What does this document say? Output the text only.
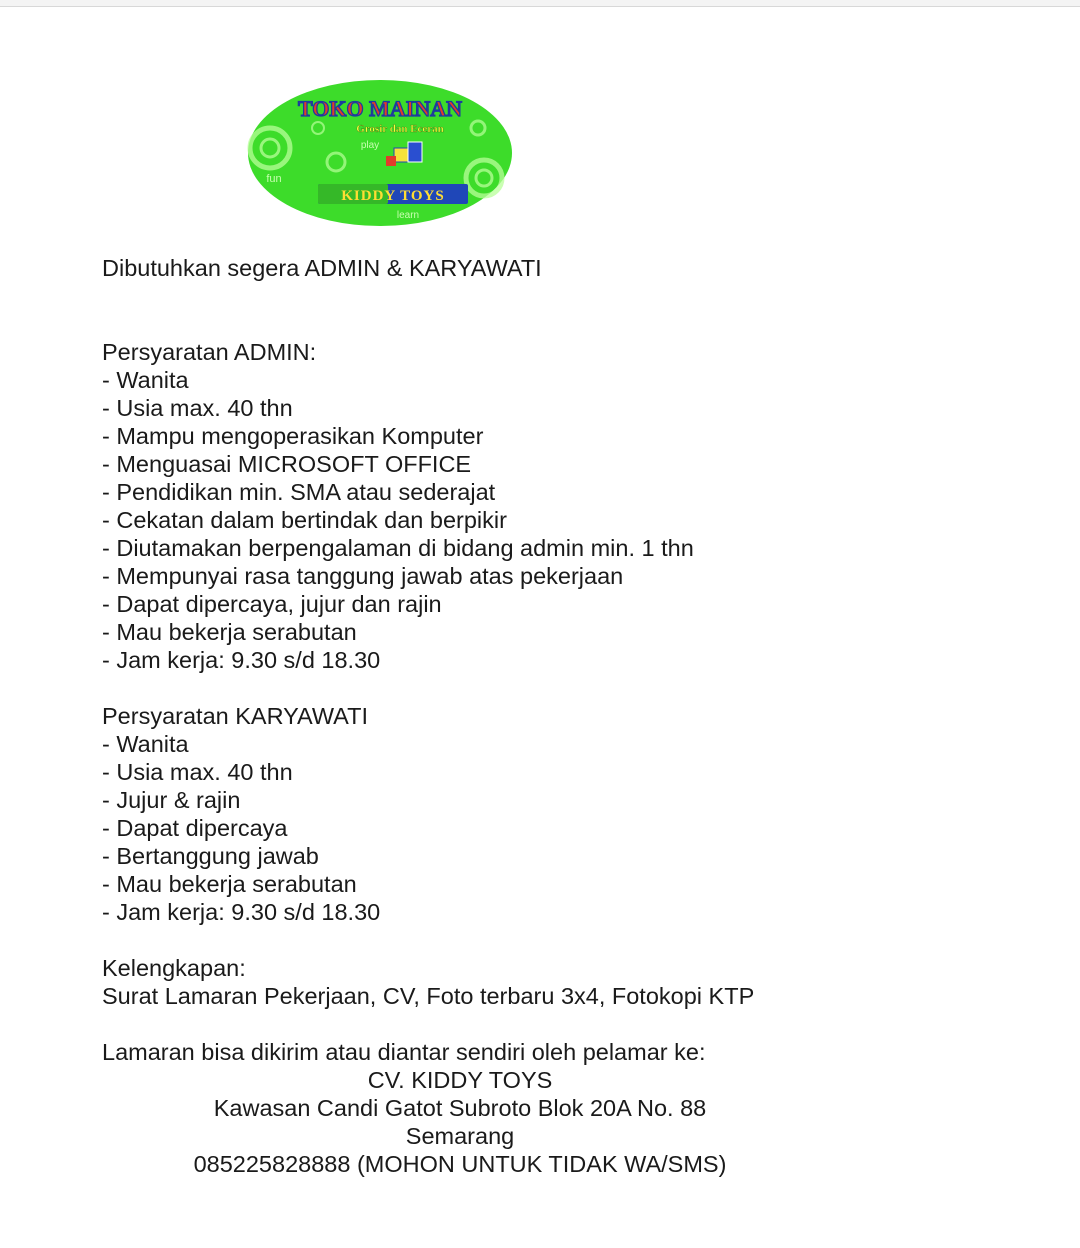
TOKO MAINAN
Grosir dan Eceran
play
fun
KIDDY TOYS
learn
Dibutuhkan segera ADMIN & KARYAWATI
Persyaratan ADMIN:
- Wanita
- Usia max. 40 thn
- Mampu mengoperasikan Komputer
- Menguasai MICROSOFT OFFICE
- Pendidikan min. SMA atau sederajat
- Cekatan dalam bertindak dan berpikir
- Diutamakan berpengalaman di bidang admin min. 1 thn
- Mempunyai rasa tanggung jawab atas pekerjaan
- Dapat dipercaya, jujur dan rajin
- Mau bekerja serabutan
- Jam kerja: 9.30 s/d 18.30
Persyaratan KARYAWATI
- Wanita
- Usia max. 40 thn
- Jujur & rajin
- Dapat dipercaya
- Bertanggung jawab
- Mau bekerja serabutan
- Jam kerja: 9.30 s/d 18.30
Kelengkapan:
Surat Lamaran Pekerjaan, CV, Foto terbaru 3x4, Fotokopi KTP
Lamaran bisa dikirim atau diantar sendiri oleh pelamar ke:
CV. KIDDY TOYS
Kawasan Candi Gatot Subroto Blok 20A No. 88
Semarang
085225828888 (MOHON UNTUK TIDAK WA/SMS)
